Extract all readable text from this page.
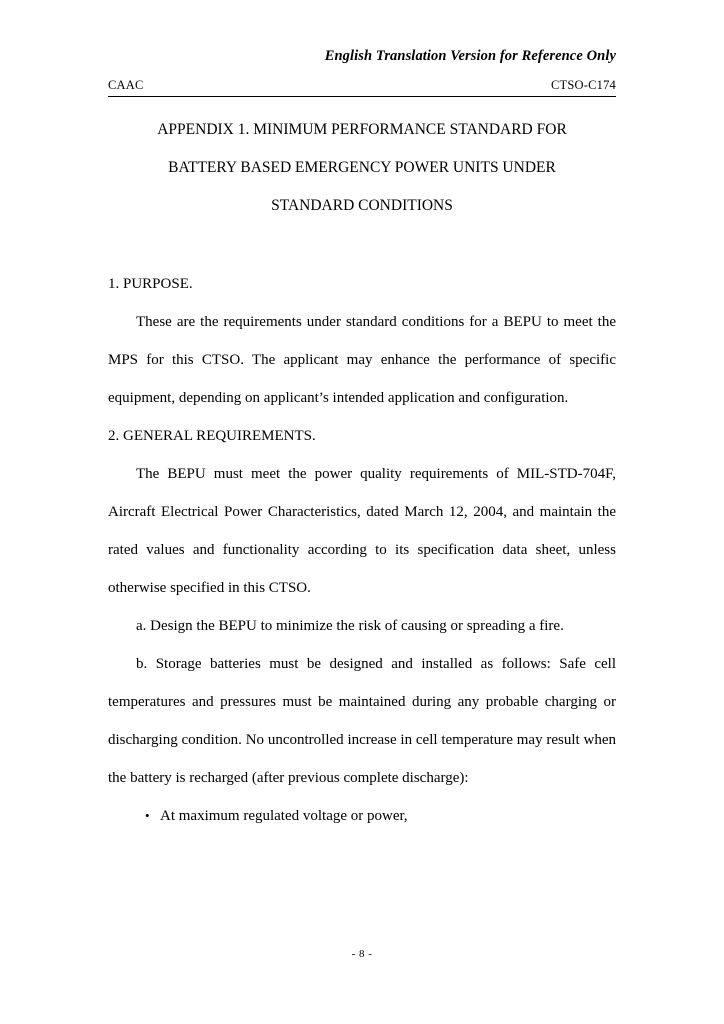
English Translation Version for Reference Only
CAAC	CTSO-C174
APPENDIX 1. MINIMUM PERFORMANCE STANDARD FOR
BATTERY BASED EMERGENCY POWER UNITS UNDER
STANDARD CONDITIONS
1. PURPOSE.

These are the requirements under standard conditions for a BEPU to meet the MPS for this CTSO. The applicant may enhance the performance of specific equipment, depending on applicant’s intended application and configuration.

2. GENERAL REQUIREMENTS.

The BEPU must meet the power quality requirements of MIL-STD-704F, Aircraft Electrical Power Characteristics, dated March 12, 2004, and maintain the rated values and functionality according to its specification data sheet, unless otherwise specified in this CTSO.

a. Design the BEPU to minimize the risk of causing or spreading a fire.

b. Storage batteries must be designed and installed as follows: Safe cell temperatures and pressures must be maintained during any probable charging or discharging condition. No uncontrolled increase in cell temperature may result when the battery is recharged (after previous complete discharge):

• At maximum regulated voltage or power,

- 8 -
